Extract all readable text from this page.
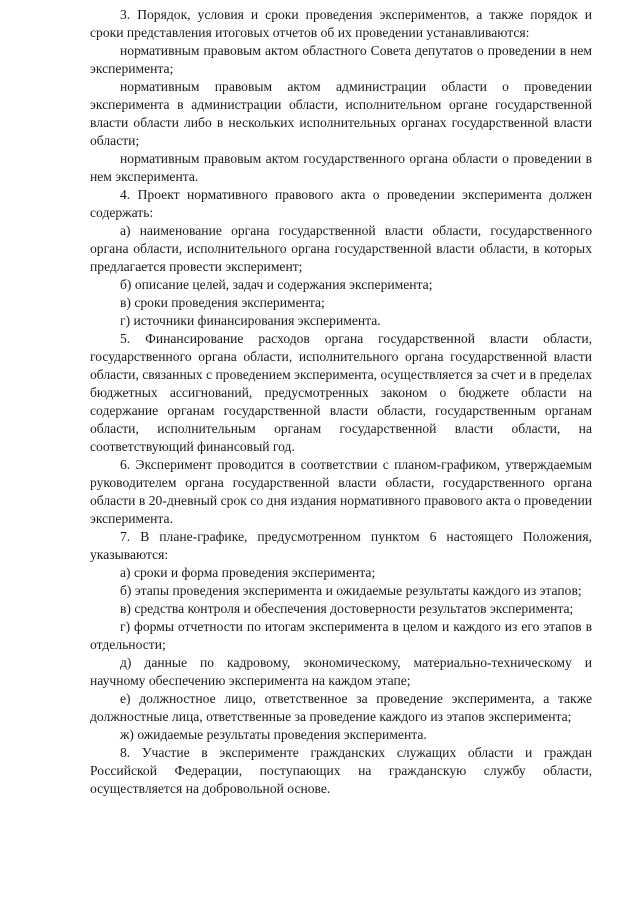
3. Порядок, условия и сроки проведения экспериментов, а также порядок и сроки представления итоговых отчетов об их проведении устанавливаются:

нормативным правовым актом областного Совета депутатов о проведении в нем эксперимента;

нормативным правовым актом администрации области о проведении эксперимента в администрации области, исполнительном органе государственной власти области либо в нескольких исполнительных органах государственной власти области;

нормативным правовым актом государственного органа области о проведении в нем эксперимента.

4. Проект нормативного правового акта о проведении эксперимента должен содержать:

а) наименование органа государственной власти области, государственного органа области, исполнительного органа государственной власти области, в которых предлагается провести эксперимент;

б) описание целей, задач и содержания эксперимента;

в) сроки проведения эксперимента;

г) источники финансирования эксперимента.

5. Финансирование расходов органа государственной власти области, государственного органа области, исполнительного органа государственной власти области, связанных с проведением эксперимента, осуществляется за счет и в пределах бюджетных ассигнований, предусмотренных законом о бюджете области на содержание органам государственной власти области, государственным органам области, исполнительным органам государственной власти области, на соответствующий финансовый год.

6. Эксперимент проводится в соответствии с планом-графиком, утверждаемым руководителем органа государственной власти области, государственного органа области в 20-дневный срок со дня издания нормативного правового акта о проведении эксперимента.

7. В плане-графике, предусмотренном пунктом 6 настоящего Положения, указываются:

а) сроки и форма проведения эксперимента;

б) этапы проведения эксперимента и ожидаемые результаты каждого из этапов;

в) средства контроля и обеспечения достоверности результатов эксперимента;

г) формы отчетности по итогам эксперимента в целом и каждого из его этапов в отдельности;

д) данные по кадровому, экономическому, материально-техническому и научному обеспечению эксперимента на каждом этапе;

е) должностное лицо, ответственное за проведение эксперимента, а также должностные лица, ответственные за проведение каждого из этапов эксперимента;

ж) ожидаемые результаты проведения эксперимента.

8. Участие в эксперименте гражданских служащих области и граждан Российской Федерации, поступающих на гражданскую службу области, осуществляется на добровольной основе.
